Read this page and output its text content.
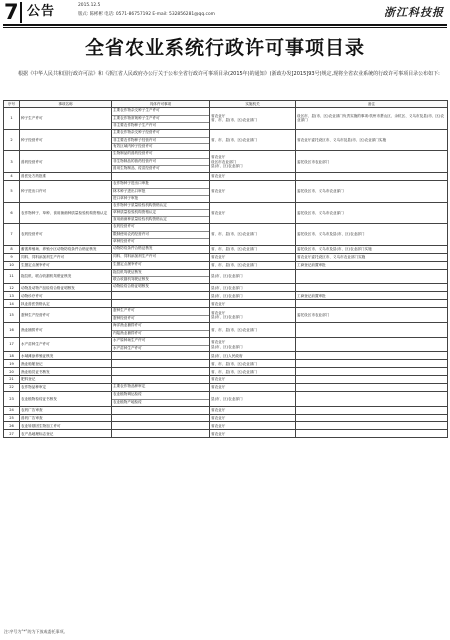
7 公告	2015.12.5
版式: 陈彬彬 电话: 0571-86757192 E-mail: 532856281@qq.com	浙江科技报
全省农业系统行政许可事项目录

根据《中华人民共和国行政许可法》和《浙江省人民政府办公厅关于公布全省行政许可事项目录(2015年)的通知》(浙政办发[2015]93号)规定,现将全省农业系统的行政许可事项目录公布如下:

序号	事项名称	具体许可事项	实施机关	备注
1	种子生产许可	主要农作物杂交种子生产许可
主要农作物常规种子生产许可
非主要农作物种子生产许可	省农业厅
省、市、县(市、区)农业部门	设区市、县(市、区)农业部门负责实施的事项:杭州市萧山区、余杭区、义乌市及县(市、区)农业部门
2	种子经营许可	主要农作物杂交种子经营许可
非主要农作物种子经营许可
有效区域内种子经营许可	省、市、县(市、区)农业部门	省农业厅委托设区市、义乌市及县(市、区)农业部门实施
3	兽药经营许可	生物制品的兽药经营许可
非生物制品的兽药经营许可
兽用生物制品、疫苗经营许可	省农业厅
设区市农业部门
县(市、区)农业部门	委托设区市农业部门
4	兽医处方药批准		省农业厅	
5	种子进出口许可	农作物种子进出口审批
林木种子进出口审批
进口草种子审批	省农业厅	委托设区市、义乌市农业部门
6	农作物种子、草种、食用菌菌种质量检验机构资格认定	农作物种子质量检验机构资格认定
草种质量检验机构资格认定
食用菌菌种质量检验机构资格认定	省农业厅	委托设区市、义乌市农业部门
7	农药经营许可	农药经营许可
限制使用农药经营许可
草种经营许可	省、市、县(市、区)农业部门	委托设区市、义乌市及县(市、区)农业部门
8	畜禽养殖场、养殖小区动物防疫条件合格证核发	动物防疫条件合格证核发	省、市、县(市、区)农业部门	委托设区市、义乌市及县(市、区)农业部门实施
9	饲料、饲料添加剂生产许可	饲料、饲料添加剂生产许可	省农业厅	省农业厅委托设区市、义乌市农业部门实施
10	生猪定点屠宰许可	生猪定点屠宰许可	省、市、县(市、区)农业部门	工商登记前置审批
11	拖拉机、联合收割机驾驶证核发	拖拉机驾驶证核发
联合收割机驾驶证核发	县(市、区)农业部门	
12	动物及动物产品检疫合格证明核发	动物检疫合格证明核发	县(市、区)农业部门	
13	动物诊疗许可		县(市、区)农业部门	工商登记前置审批
14	执业兽医资格认定		省农业厅	
15	蚕种生产经营许可	蚕种生产许可
蚕种经营许可	省农业厅
县(市、区)农业部门	委托设区市农业部门
16	渔业捕捞许可	海洋渔业捕捞许可
内陆渔业捕捞许可	省、市、县(市、区)农业部门	
17	水产苗种生产许可	水产原种场生产许可
水产苗种生产许可	省农业厅
县(市、区)农业部门	
18	水域滩涂养殖证核发		县(市、区)人民政府	
19	渔业船舶登记		省、市、县(市、区)农业部门	
20	渔业船员证书核发		省、市、县(市、区)农业部门	
21	肥料登记		省农业厅	
22	农作物品种审定	主要农作物品种审定	省农业厅	
23	农业植物检疫证书核发	农业植物调运检疫
农业植物产地检疫	县(市、区)农业部门	
24	农药广告审查		省农业厅	
25	兽药广告审查		省农业厅	
26	农业转基因生物加工许可		省农业厅	
27	农产品地理标志登记		省农业厅	
注:序号为“*”的为下放或委托事项。
